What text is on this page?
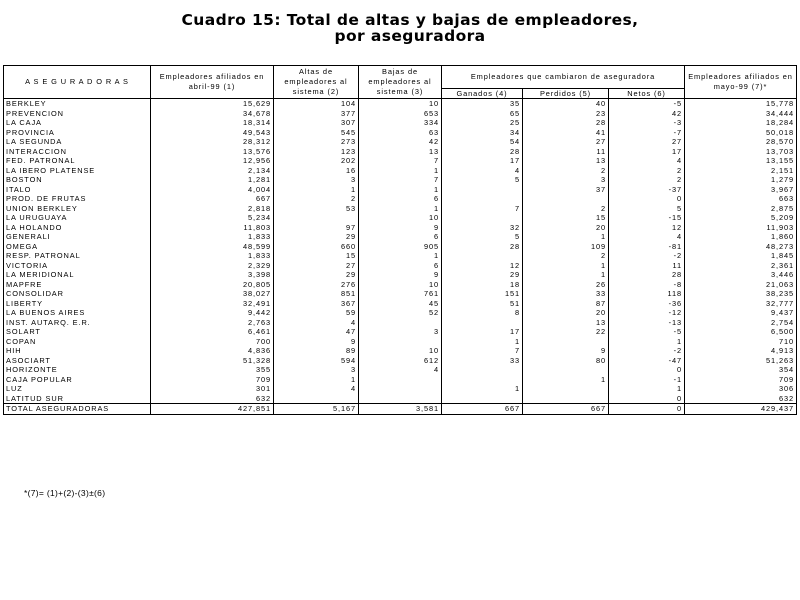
Cuadro 15: Total de altas y bajas de empleadores,
por aseguradora
A S E G U R A D O R A S	Empleadores afiliados en abril-99 (1)	Altas de empleadores al sistema (2)	Bajas de empleadores al sistema (3)	Empleadores que cambiaron de aseguradora			Empleadores afiliados en mayo-99 (7)*
				Ganados (4)	Perdidos (5)	Netos (6)	
BERKLEY	15,629	104	10	35	40	-5	15,778
PREVENCION	34,678	377	653	65	23	42	34,444
LA CAJA	18,314	307	334	25	28	-3	18,284
PROVINCIA	49,543	545	63	34	41	-7	50,018
LA SEGUNDA	28,312	273	42	54	27	27	28,570
INTERACCION	13,576	123	13	28	11	17	13,703
FED. PATRONAL	12,956	202	7	17	13	4	13,155
LA IBERO PLATENSE	2,134	16	1	4	2	2	2,151
BOSTON	1,281	3	7	5	3	2	1,279
ITALO	4,004	1	1		37	-37	3,967
PROD. DE FRUTAS	667	2	6			0	663
UNION BERKLEY	2,818	53	1	7	2	5	2,875
LA URUGUAYA	5,234		10		15	-15	5,209
LA HOLANDO	11,803	97	9	32	20	12	11,903
GENERALI	1,833	29	6	5	1	4	1,860
OMEGA	48,599	660	905	28	109	-81	48,273
RESP. PATRONAL	1,833	15	1		2	-2	1,845
VICTORIA	2,329	27	6	12	1	11	2,361
LA MERIDIONAL	3,398	29	9	29	1	28	3,446
MAPFRE	20,805	276	10	18	26	-8	21,063
CONSOLIDAR	38,027	851	761	151	33	118	38,235
LIBERTY	32,491	367	45	51	87	-36	32,777
LA BUENOS AIRES	9,442	59	52	8	20	-12	9,437
INST. AUTARQ. E.R.	2,763	4			13	-13	2,754
SOLART	6,461	47	3	17	22	-5	6,500
COPAN	700	9		1		1	710
HIH	4,836	89	10	7	9	-2	4,913
ASOCIART	51,328	594	612	33	80	-47	51,263
HORIZONTE	355	3	4			0	354
CAJA POPULAR	709	1			1	-1	709
LUZ	301	4		1		1	306
LATITUD SUR	632					0	632
TOTAL ASEGURADORAS	427,851	5,167	3,581	667	667	0	429,437
*(7)= (1)+(2)-(3)±(6)
